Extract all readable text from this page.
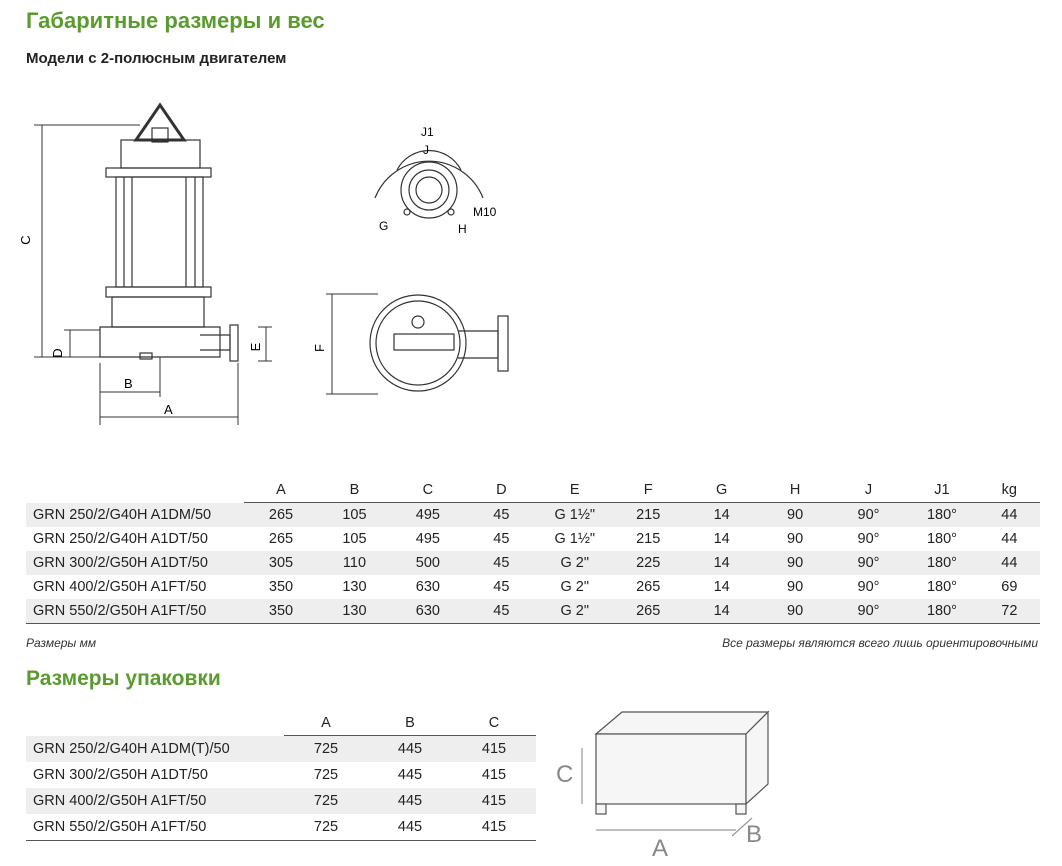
Габаритные размеры и вес
Модели с 2-полюсным двигателем
C
D
E
B
A
J1
J
G	H
M10
F
	A	B	C	D	E	F	G	H	J	J1	kg
GRN 250/2/G40H A1DM/50	265	105	495	45	G 1½"	215	14	90	90°	180°	44
GRN 250/2/G40H A1DT/50	265	105	495	45	G 1½"	215	14	90	90°	180°	44
GRN 300/2/G50H A1DT/50	305	110	500	45	G 2"	225	14	90	90°	180°	44
GRN 400/2/G50H A1FT/50	350	130	630	45	G 2"	265	14	90	90°	180°	69
GRN 550/2/G50H A1FT/50	350	130	630	45	G 2"	265	14	90	90°	180°	72
Размеры мм	Все размеры являются всего лишь ориентировочными
Размеры упаковки
	A	B	C
GRN 250/2/G40H A1DM(T)/50	725	445	415
GRN 300/2/G50H A1DT/50	725	445	415
GRN 400/2/G50H A1FT/50	725	445	415
GRN 550/2/G50H A1FT/50	725	445	415
C
A
B
